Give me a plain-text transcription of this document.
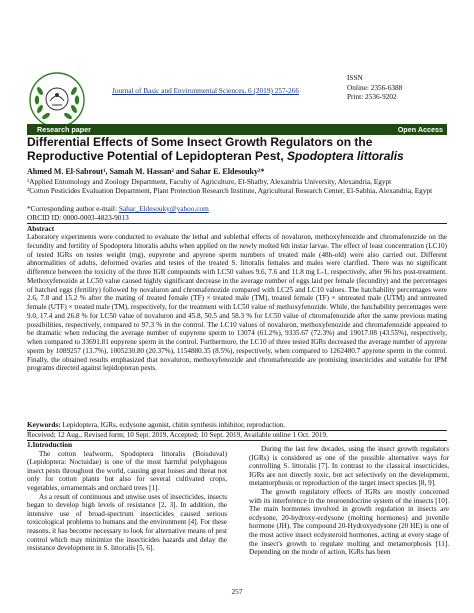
Journal of Basic and Environmental Sciences, 6 (2019) 257-266
ISSN
Online: 2356-6388
Print: 2536-9202
Research paper	Open Access
Differential Effects of Some Insect Growth Regulators on the Reproductive Potential of Lepidopteran Pest, Spodoptera littoralis
Ahmed M. El-Sabrout¹, Samah M. Hassan² and Sahar E. Eldesouky²*
¹Applied Entomology and Zoology Department, Faculty of Agriculture, El-Shatby, Alexandria University, Alexandria, Egypt
²Cotton Pesticides Evaluation Department, Plant Protection Research Institute, Agricultural Research Center, El-Sabhia, Alexandria, Egypt
*Corresponding author e-mail: Sahar_Eldesouky@yahoo.com
ORCID ID: 0000-0003-4823-9013
Abstract
Laboratory experiments were conducted to evaluate the lethal and sublethal effects of novaluron, methoxyfenozide and chromafenozide on the fecundity and fertility of Spodoptera littoralis adults when applied on the newly molted 6th instar larvae. The effect of least concentration (LC10) of tested IGRs on testes weight (mg), eupyrene and apyrene sperm numbers of treated male (48h-old) were also carried out. Different abnormalities of adults, deformed ovaries and testes of the treated S. littoralis females and males were clarified. There was no significant difference between the toxicity of the three IGR compounds with LC50 values 9.6, 7.6 and 11.8 mg L-1, respectively, after 96 hrs post-treatment. Methoxyfenozide at LC50 value caused highly significant decrease in the average number of eggs laid per female (fecundity) and the percentages of hatched eggs (fertility) followed by novaluron and chromafenozide compared with LC25 and LC10 values. The hatchability percentages were 2.6, 7.8 and 15.2 % after the mating of treated female (TF) × treated male (TM), treated female (TF) × untreated male (UTM) and untreated female (UTF) × treated male (TM), respectively, for the treatment with LC50 value of methoxyfenozide. While, the hatchability percentages were 9.0, 17.4 and 26.8 % for LC50 value of novaluron and 45.8, 50.5 and 58.3 % for LC50 value of chromafenozide after the same previous mating possibilities, respectively, compared to 97.3 % in the control. The LC10 values of novaluron, methoxyfenozide and chromafenozide appeared to be dramatic when reducing the average number of eupyrene sperm to 13074 (61.2%), 9335.67 (72.3%) and 19017.08 (43.55%), respectively, when compared to 33691.81 eupyrene sperm in the control. Furthermore, the LC10 of three tested IGRs decreased the average number of apyrene sperm by 1089257 (13.7%), 1005230.80 (20.37%), 1154880.35 (8.5%), respectively, when compared to 1262480.7 apyrene sperm in the control. Finally, the obtained results emphasized that novaluron, methoxyfenozide and chromafenozide are promising insecticides and suitable for IPM programs directed against lepidopteran pests.
Keywords: Lepidoptera, IGRs, ecdysone agonist, chitin synthesis inhibitor, reproduction.
Received; 12 Aug., Revised form; 10 Sept. 2019, Accepted; 10 Sept. 2019, Available online 1 Oct. 2019.
1.Introduction

The cotton leafworm, Spodoptera littoralis (Boisduval) (Lepidoptera: Noctuidae) is one of the most harmful polyphagous insect pests throughout the world, causing great losses and threat not only for cotton plants but also for several cultivated crops, vegetables, ornamentals and orchard trees [1].

As a result of continuous and unwise uses of insecticides, insects began to develop high levels of resistance [2, 3]. In addition, the intensive use of broad-spectrum insecticides caused serious toxicological problems to humans and the environment [4]. For these reasons, it has become necessary to look for alternative means of pest control which may minimize the insecticides hazards and delay the resistance development in S. littoralis [5, 6].

During the last few decades, using the insect growth regulators (IGRs) is considered as one of the possible alternative ways for controlling S. littoralis [7]. In contrast to the classical insecticides, IGRs are not directly toxic, but act selectively on the development, metamorphosis or reproduction of the target insect species [8, 9].

The growth regulatory effects of IGRs are mostly concerned with its interference in the neuroendocrine system of the insects [10]. The main hormones involved in growth regulation in insects are ecdysone, 20-hydroxy-ecdysone (molting hormones) and juvenile hormone (JH). The compound 20-Hydroxyedysone (20 HE) is one of the most active insect ecdysteroid hormones, acting at every stage of the insect's growth to regulate molting and metamorphosis [11]. Depending on the mode of action, IGRs has been

257
